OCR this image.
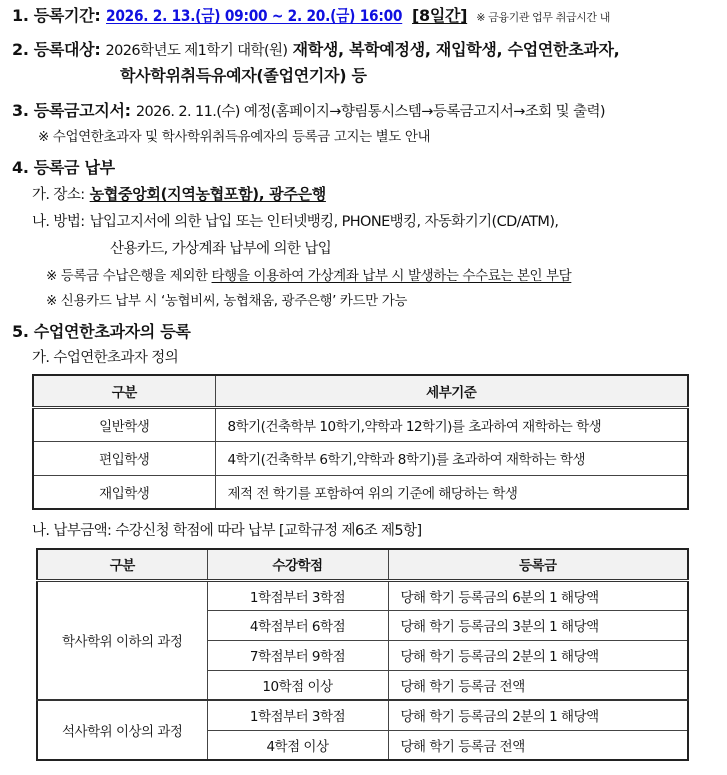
1. 등록기간: 2026. 2. 13.(금) 09:00 ~ 2. 20.(금) 16:00 [8일간] ※ 금융기관 업무 취급시간 내
2. 등록대상: 2026학년도 제1학기 대학(원) 재학생, 복학예정생, 재입학생, 수업연한초과자,
학사학위취득유예자(졸업연기자) 등
3. 등록금고지서: 2026. 2. 11.(수) 예정(홈페이지→향림통시스템→등록금고지서→조회 및 출력)
※ 수업연한초과자 및 학사학위취득유예자의 등록금 고지는 별도 안내
4. 등록금 납부
가. 장소: 농협중앙회(지역농협포함), 광주은행
나. 방법: 납입고지서에 의한 납입 또는 인터넷뱅킹, PHONE뱅킹, 자동화기기(CD/ATM),
산용카드, 가상계좌 납부에 의한 납입
※ 등록금 수납은행을 제외한 타행을 이용하여 가상계좌 납부 시 발생하는 수수료는 본인 부담
※ 신용카드 납부 시 ‘농협비씨, 농협채움, 광주은행’ 카드만 가능
5. 수업연한초과자의 등록
가. 수업연한초과자 정의
구분	세부기준
일반학생	8학기(건축학부 10학기,약학과 12학기)를 초과하여 재학하는 학생
편입학생	4학기(건축학부 6학기,약학과 8학기)를 초과하여 재학하는 학생
재입학생	제적 전 학기를 포함하여 위의 기준에 해당하는 학생
나. 납부금액: 수강신청 학점에 따라 납부 [교학규정 제6조 제5항]
구분	수강학점	등록금
학사학위 이하의 과정	1학점부터 3학점	당해 학기 등록금의 6분의 1 해당액
	4학점부터 6학점	당해 학기 등록금의 3분의 1 해당액
	7학점부터 9학점	당해 학기 등록금의 2분의 1 해당액
	10학점 이상	당해 학기 등록금 전액
석사학위 이상의 과정	1학점부터 3학점	당해 학기 등록금의 2분의 1 해당액
	4학점 이상	당해 학기 등록금 전액
